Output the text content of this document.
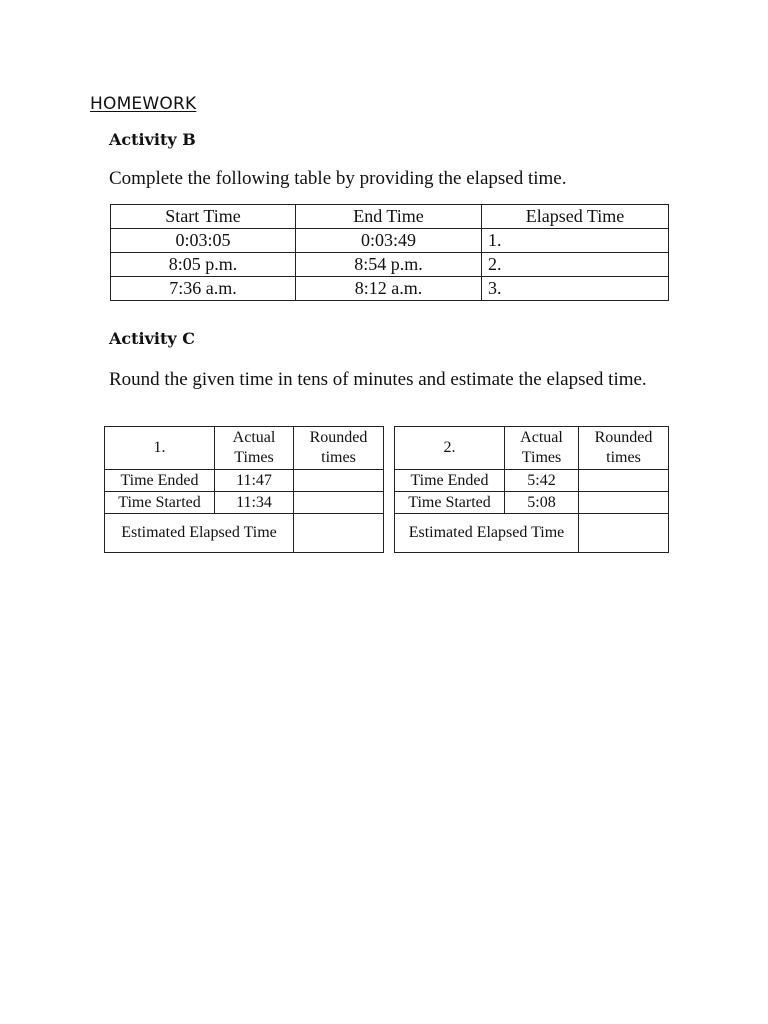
HOMEWORK
Activity B
Complete the following table by providing the elapsed time.
Start Time	End Time	Elapsed Time
0:03:05	0:03:49	1.
8:05 p.m.	8:54 p.m.	2.
7:36 a.m.	8:12 a.m.	3.
Activity C
Round the given time in tens of minutes and estimate the elapsed time.
1.	Actual Times	Rounded times
Time Ended	11:47	
Time Started	11:34	
Estimated Elapsed Time		
2.	Actual Times	Rounded times
Time Ended	5:42	
Time Started	5:08	
Estimated Elapsed Time		
